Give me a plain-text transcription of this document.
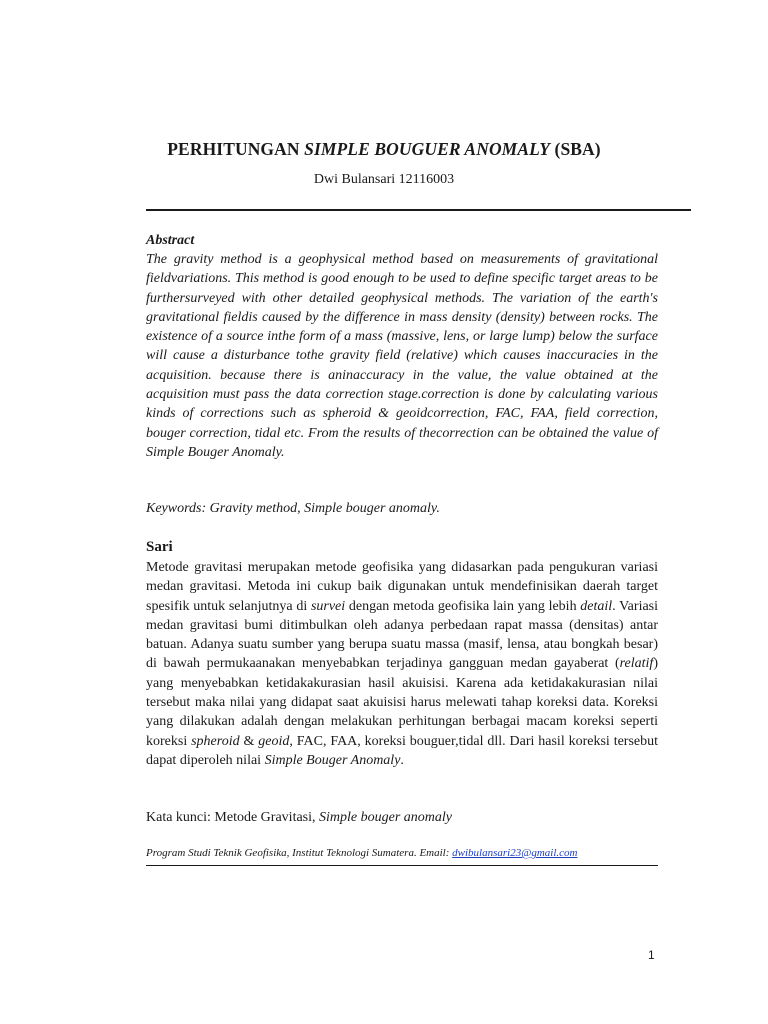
PERHITUNGAN SIMPLE BOUGUER ANOMALY (SBA)
Dwi Bulansari 12116003
Abstract
The gravity method is a geophysical method based on measurements of gravitational fieldvariations. This method is good enough to be used to define specific target areas to be furthersurveyed with other detailed geophysical methods. The variation of the earth's gravitational fieldis caused by the difference in mass density (density) between rocks. The existence of a source inthe form of a mass (massive, lens, or large lump) below the surface will cause a disturbance tothe gravity field (relative) which causes inaccuracies in the acquisition. because there is aninaccuracy in the value, the value obtained at the acquisition must pass the data correction stage.correction is done by calculating various kinds of corrections such as spheroid & geoidcorrection, FAC, FAA, field correction, bouger correction, tidal etc. From the results of thecorrection can be obtained the value of Simple Bouger Anomaly.
Keywords: Gravity method, Simple bouger anomaly.
Sari
Metode gravitasi merupakan metode geofisika yang didasarkan pada pengukuran variasi medan gravitasi. Metoda ini cukup baik digunakan untuk mendefinisikan daerah target spesifik untuk selanjutnya di survei dengan metoda geofisika lain yang lebih detail. Variasi medan gravitasi bumi ditimbulkan oleh adanya perbedaan rapat massa (densitas) antar batuan. Adanya suatu sumber yang berupa suatu massa (masif, lensa, atau bongkah besar) di bawah permukaanakan menyebabkan terjadinya gangguan medan gayaberat (relatif) yang menyebabkan ketidakakurasian hasil akuisisi. Karena ada ketidakakurasian nilai tersebut maka nilai yang didapat saat akuisisi harus melewati tahap koreksi data. Koreksi yang dilakukan adalah dengan melakukan perhitungan berbagai macam koreksi seperti koreksi spheroid & geoid, FAC, FAA, koreksi bouguer,tidal dll. Dari hasil koreksi tersebut dapat diperoleh nilai Simple Bouger Anomaly.
Kata kunci: Metode Gravitasi, Simple bouger anomaly
Program Studi Teknik Geofisika, Institut Teknologi Sumatera. Email: dwibulansari23@gmail.com
1
